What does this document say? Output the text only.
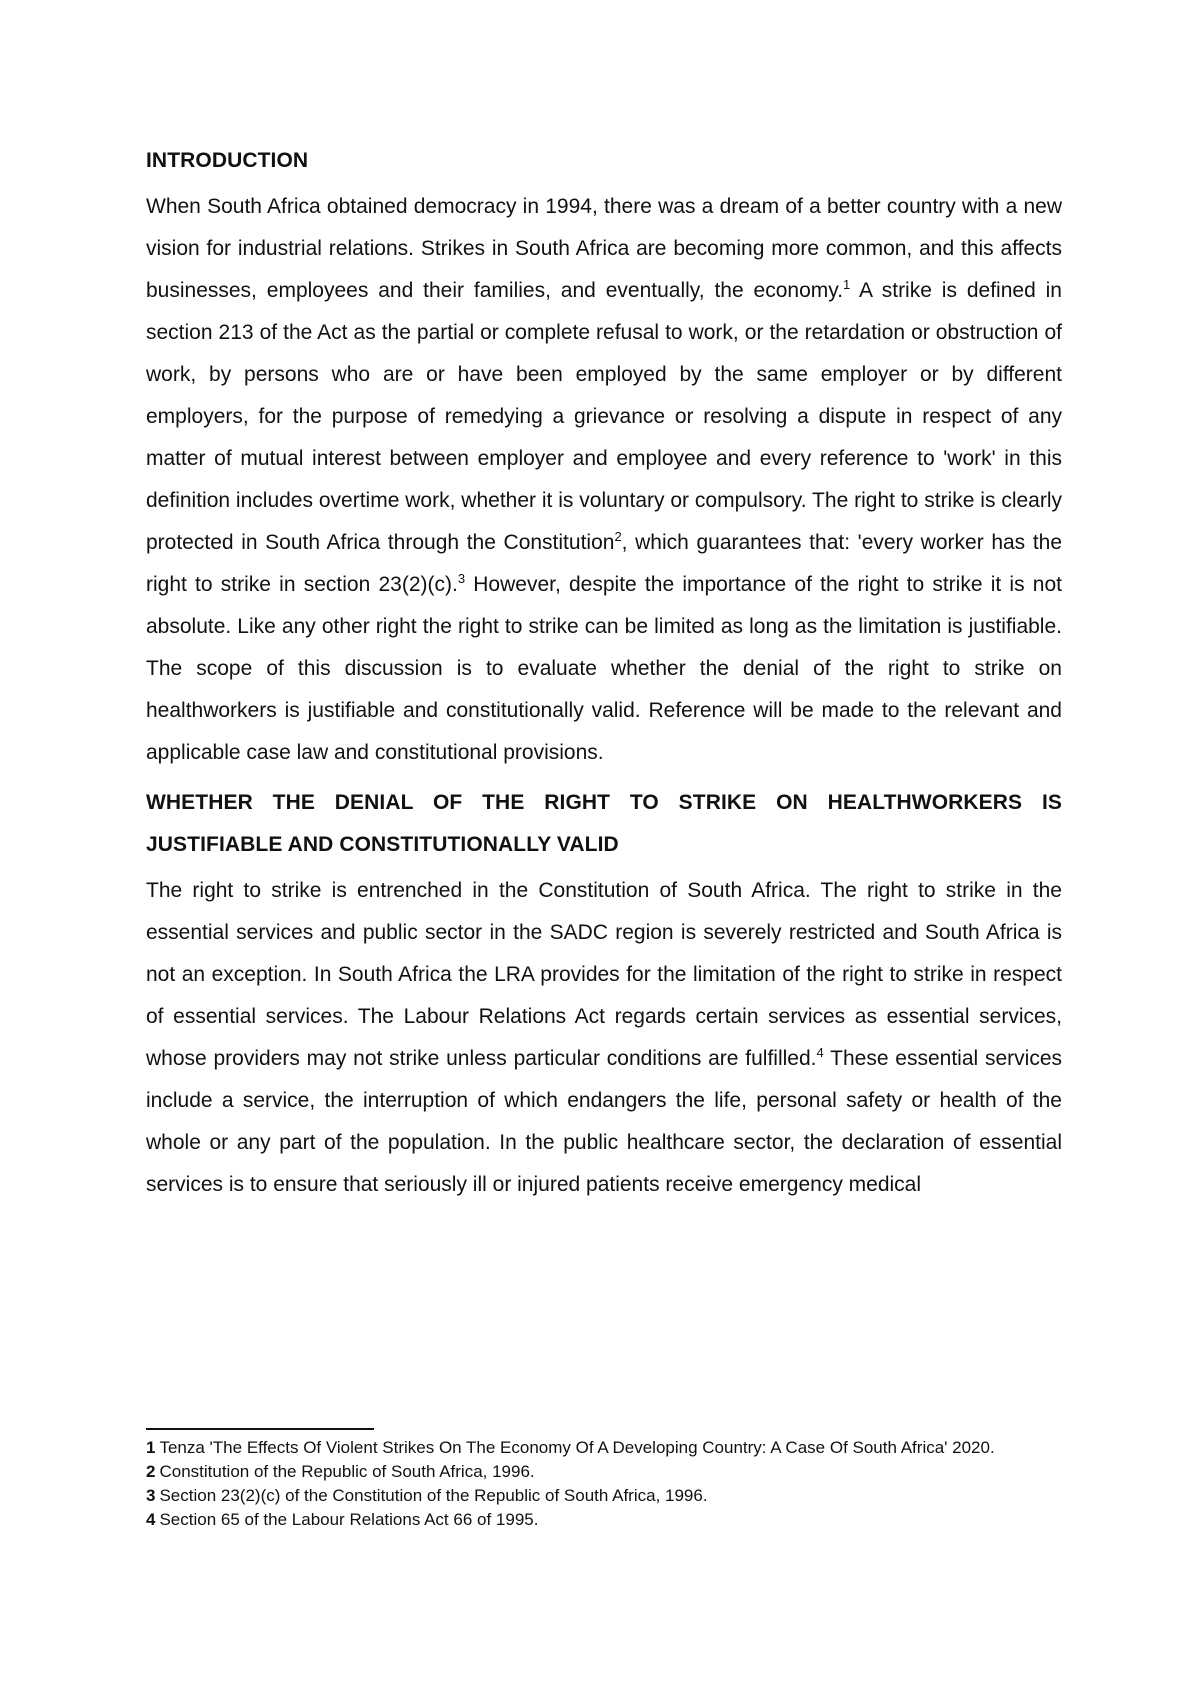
INTRODUCTION

When South Africa obtained democracy in 1994, there was a dream of a better country with a new vision for industrial relations. Strikes in South Africa are becoming more common, and this affects businesses, employees and their families, and eventually, the economy.$^1$ A strike is defined in section 213 of the Act as the partial or complete refusal to work, or the retardation or obstruction of work, by persons who are or have been employed by the same employer or by different employers, for the purpose of remedying a grievance or resolving a dispute in respect of any matter of mutual interest between employer and employee and every reference to 'work' in this definition includes overtime work, whether it is voluntary or compulsory. The right to strike is clearly protected in South Africa through the Constitution$^2$, which guarantees that: 'every worker has the right to strike in section 23(2)(c).$^3$ However, despite the importance of the right to strike it is not absolute. Like any other right the right to strike can be limited as long as the limitation is justifiable. The scope of this discussion is to evaluate whether the denial of the right to strike on healthworkers is justifiable and constitutionally valid. Reference will be made to the relevant and applicable case law and constitutional provisions.

WHETHER THE DENIAL OF THE RIGHT TO STRIKE ON HEALTHWORKERS IS JUSTIFIABLE AND CONSTITUTIONALLY VALID

The right to strike is entrenched in the Constitution of South Africa. The right to strike in the essential services and public sector in the SADC region is severely restricted and South Africa is not an exception. In South Africa the LRA provides for the limitation of the right to strike in respect of essential services. The Labour Relations Act regards certain services as essential services, whose providers may not strike unless particular conditions are fulfilled.$^4$ These essential services include a service, the interruption of which endangers the life, personal safety or health of the whole or any part of the population. In the public healthcare sector, the declaration of essential services is to ensure that seriously ill or injured patients receive emergency medical

1 Tenza 'The Effects Of Violent Strikes On The Economy Of A Developing Country: A Case Of South Africa' 2020.

2 Constitution of the Republic of South Africa, 1996.

3 Section 23(2)(c) of the Constitution of the Republic of South Africa, 1996.

4 Section 65 of the Labour Relations Act 66 of 1995.
